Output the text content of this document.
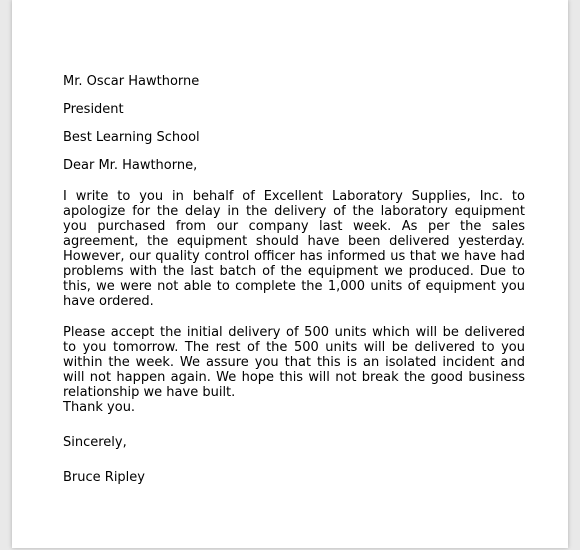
Mr. Oscar Hawthorne

President

Best Learning School

Dear Mr. Hawthorne,

I write to you in behalf of Excellent Laboratory Supplies, Inc. to apologize for the delay in the delivery of the laboratory equipment you purchased from our company last week. As per the sales agreement, the equipment should have been delivered yesterday. However, our quality control officer has informed us that we have had problems with the last batch of the equipment we produced. Due to this, we were not able to complete the 1,000 units of equipment you have ordered.

Please accept the initial delivery of 500 units which will be delivered to you tomorrow. The rest of the 500 units will be delivered to you within the week. We assure you that this is an isolated incident and will not happen again. We hope this will not break the good business relationship we have built.

Thank you.

Sincerely,

Bruce Ripley
